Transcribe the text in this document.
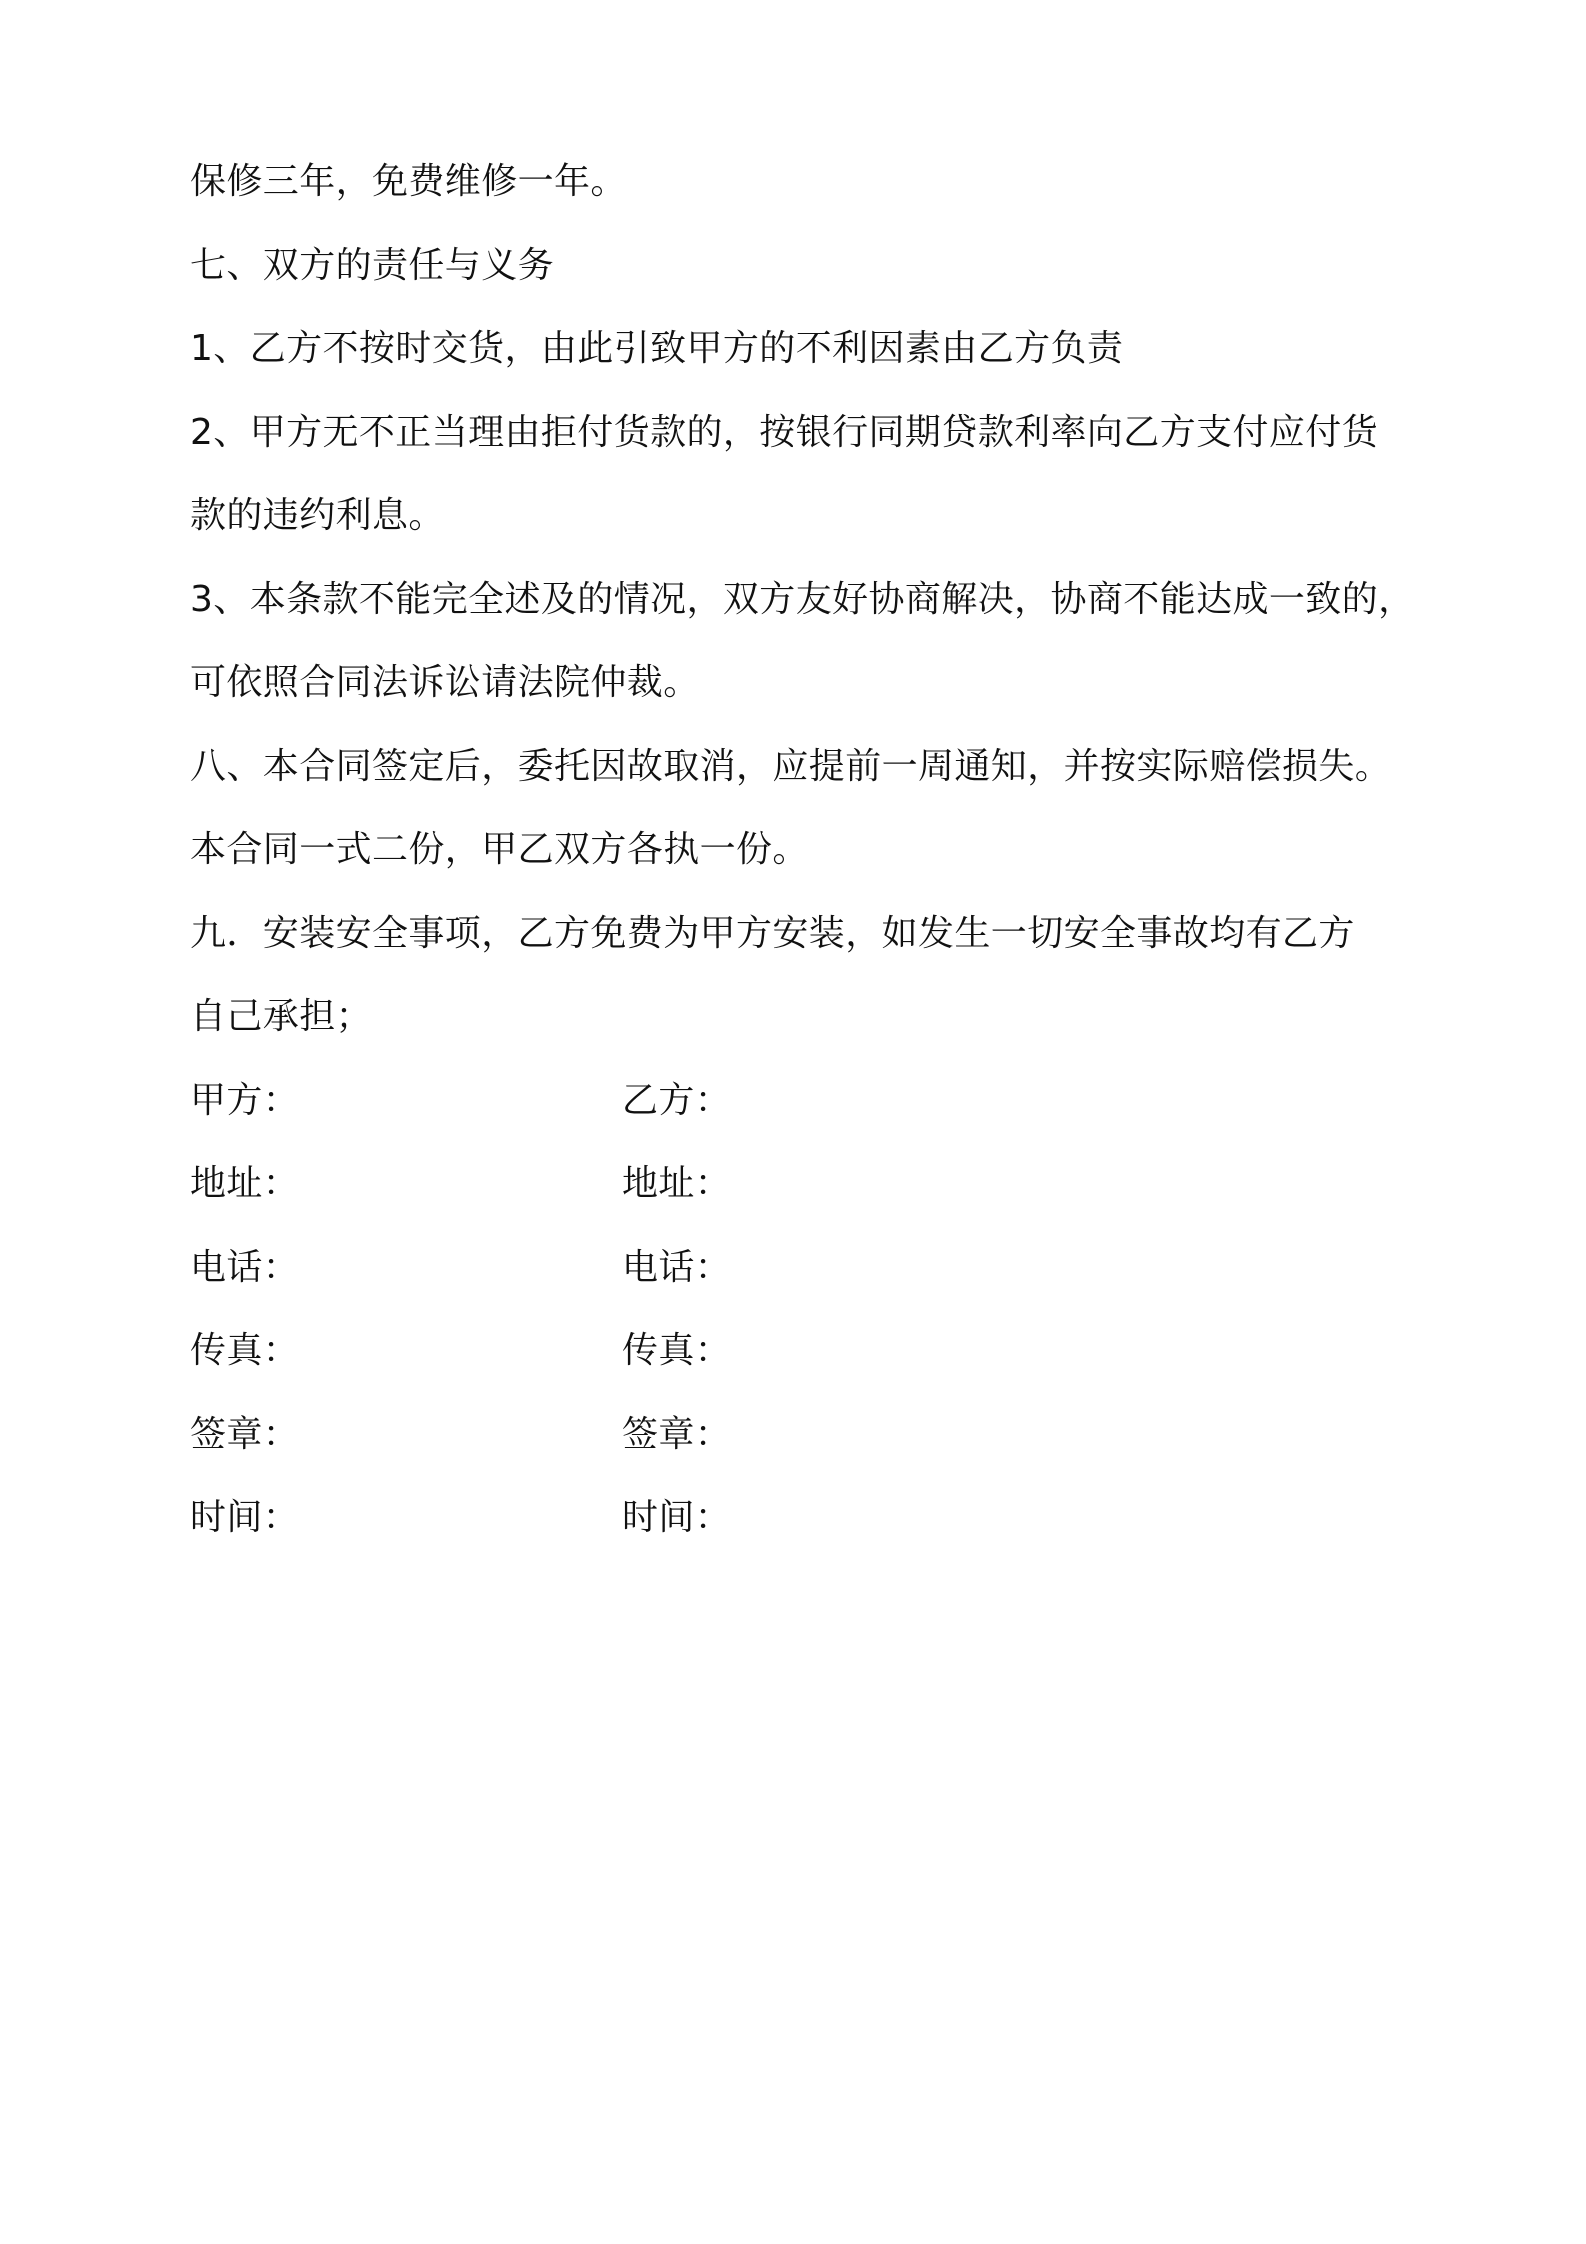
保修三年，免费维修一年。

七、双方的责任与义务

1、乙方不按时交货，由此引致甲方的不利因素由乙方负责

2、甲方无不正当理由拒付货款的，按银行同期贷款利率向乙方支付应付货

款的违约利息。

3、本条款不能完全述及的情况，双方友好协商解决，协商不能达成一致的，

可依照合同法诉讼请法院仲裁。

八、本合同签定后，委托因故取消，应提前一周通知，并按实际赔偿损失。

本合同一式二份，甲乙双方各执一份。

九．安装安全事项，乙方免费为甲方安装，如发生一切安全事故均有乙方

自己承担；

甲方：	乙方：
地址：	地址：
电话：	电话：
传真：	传真：
签章：	签章：
时间：	时间：
